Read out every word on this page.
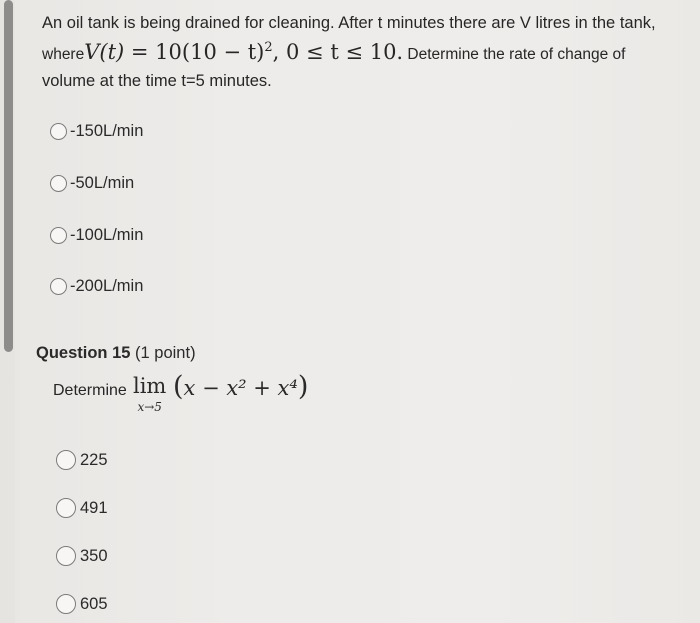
An oil tank is being drained for cleaning. After t minutes there are V litres in the tank,
whereV(t) = $10(10 - t)^2$, 0 ≤ t ≤ 10. Determine the rate of change of
volume at the time t=5 minutes.
-150L/min
-50L/min
-100L/min
-200L/min
Question 15 (1 point)
Determine lim
x→5
(x − x² + x⁴)
225
491
350
605
